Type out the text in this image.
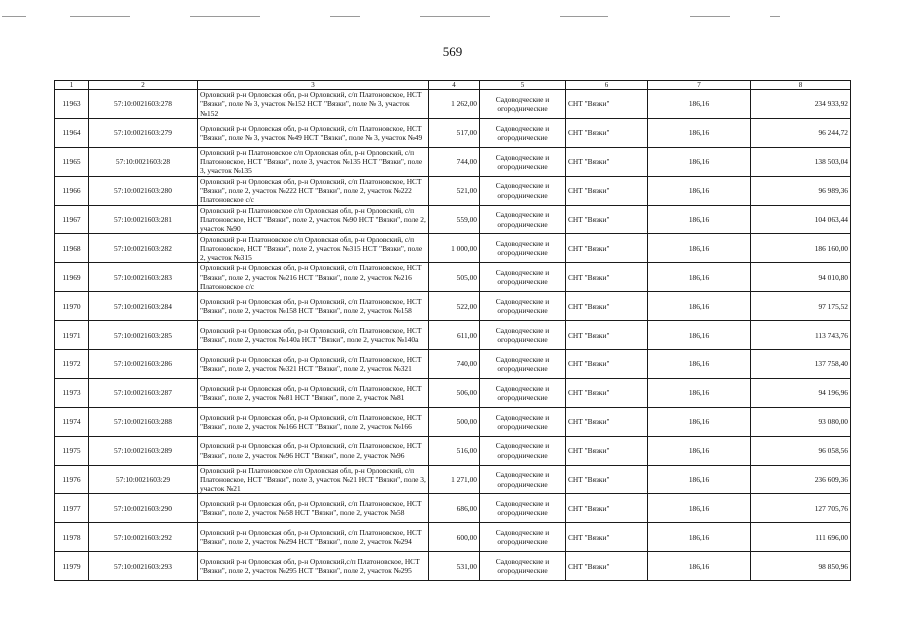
569
1	2	3	4	5	6	7	8
11963	57:10:0021603:278	Орловский р-н Орловская обл, р-н Орловский, с/п Платоновское, НСТ "Вязки", поле № 3, участок №152 НСТ "Вязки", поле № 3, участок №152	1 262,00	Садоводческие и огороднические	СНТ "Вязки"	186,16	234 933,92
11964	57:10:0021603:279	Орловский р-н Орловская обл, р-н Орловский, с/п Платоновское, НСТ "Вязки", поле № 3, участок №49 НСТ "Вязки", поле № 3, участок №49	517,00	Садоводческие и огороднические	СНТ "Вязки"	186,16	96 244,72
11965	57:10:0021603:28	Орловский р-н Платоновское с/п Орловская обл, р-н Орловский, с/п Платоновское, НСТ "Вязки", поле 3, участок №135 НСТ "Вязки", поле 3, участок №135	744,00	Садоводческие и огороднические	СНТ "Вязки"	186,16	138 503,04
11966	57:10:0021603:280	Орловский р-н Орловская обл, р-н Орловский, с/п Платоновское, НСТ "Вязки", поле 2, участок №222 НСТ "Вязки", поле 2, участок №222 Платоновское с/с	521,00	Садоводческие и огороднические	СНТ "Вязки"	186,16	96 989,36
11967	57:10:0021603:281	Орловский р-н Платоновское с/п Орловская обл, р-н Орловский, с/п Платоновское, НСТ "Вязки", поле 2, участок №90 НСТ "Вязки", поле 2, участок №90	559,00	Садоводческие и огороднические	СНТ "Вязки"	186,16	104 063,44
11968	57:10:0021603:282	Орловский р-н Платоновское с/п Орловская обл, р-н Орловский, с/п Платоновское, НСТ "Вязки", поле 2, участок №315 НСТ "Вязки", поле 2, участок №315	1 000,00	Садоводческие и огороднические	СНТ "Вязки"	186,16	186 160,00
11969	57:10:0021603:283	Орловский р-н Орловская обл, р-н Орловский, с/п Платоновское, НСТ "Вязки", поле 2, участок №216 НСТ "Вязки", поле 2, участок №216 Платоновское с/с	505,00	Садоводческие и огороднические	СНТ "Вязки"	186,16	94 010,80
11970	57:10:0021603:284	Орловский р-н Орловская обл, р-н Орловский, с/п Платоновское, НСТ "Вязки", поле 2, участок №158 НСТ "Вязки", поле 2, участок №158	522,00	Садоводческие и огороднические	СНТ "Вязки"	186,16	97 175,52
11971	57:10:0021603:285	Орловский р-н Орловская обл, р-н Орловский, с/п Платоновское, НСТ "Вязки", поле 2, участок №140а НСТ "Вязки", поле 2, участок №140а	611,00	Садоводческие и огороднические	СНТ "Вязки"	186,16	113 743,76
11972	57:10:0021603:286	Орловский р-н Орловская обл, р-н Орловский, с/п Платоновское, НСТ "Вязки", поле 2, участок №321 НСТ "Вязки", поле 2, участок №321	740,00	Садоводческие и огороднические	СНТ "Вязки"	186,16	137 758,40
11973	57:10:0021603:287	Орловский р-н Орловская обл, р-н Орловский, с/п Платоновское, НСТ "Вязки", поле 2, участок №81 НСТ "Вязки", поле 2, участок №81	506,00	Садоводческие и огороднические	СНТ "Вязки"	186,16	94 196,96
11974	57:10:0021603:288	Орловский р-н Орловская обл, р-н Орловский, с/п Платоновское, НСТ "Вязки", поле 2, участок №166 НСТ "Вязки", поле 2, участок №166	500,00	Садоводческие и огороднические	СНТ "Вязки"	186,16	93 080,00
11975	57:10:0021603:289	Орловский р-н Орловская обл, р-н Орловский, с/п Платоновское, НСТ "Вязки", поле 2, участок №96 НСТ "Вязки", поле 2, участок №96	516,00	Садоводческие и огороднические	СНТ "Вязки"	186,16	96 058,56
11976	57:10:0021603:29	Орловский р-н Платоновское с/п Орловская обл, р-н Орловский, с/п Платоновское, НСТ "Вязки", поле 3, участок №21 НСТ "Вязки", поле 3, участок №21	1 271,00	Садоводческие и огороднические	СНТ "Вязки"	186,16	236 609,36
11977	57:10:0021603:290	Орловский р-н Орловская обл, р-н Орловский, с/п Платоновское, НСТ "Вязки", поле 2, участок №58 НСТ "Вязки", поле 2, участок №58	686,00	Садоводческие и огороднические	СНТ "Вязки"	186,16	127 705,76
11978	57:10:0021603:292	Орловский р-н Орловская обл, р-н Орловский, с/п Платоновское, НСТ "Вязки", поле 2, участок №294 НСТ "Вязки", поле 2, участок №294	600,00	Садоводческие и огороднические	СНТ "Вязки"	186,16	111 696,00
11979	57:10:0021603:293	Орловский р-н Орловская обл, р-н Орловский,с/п Платоновское, НСТ "Вязки", поле 2, участок №295 НСТ "Вязки", поле 2, участок №295	531,00	Садоводческие и огороднические	СНТ "Вязки"	186,16	98 850,96
